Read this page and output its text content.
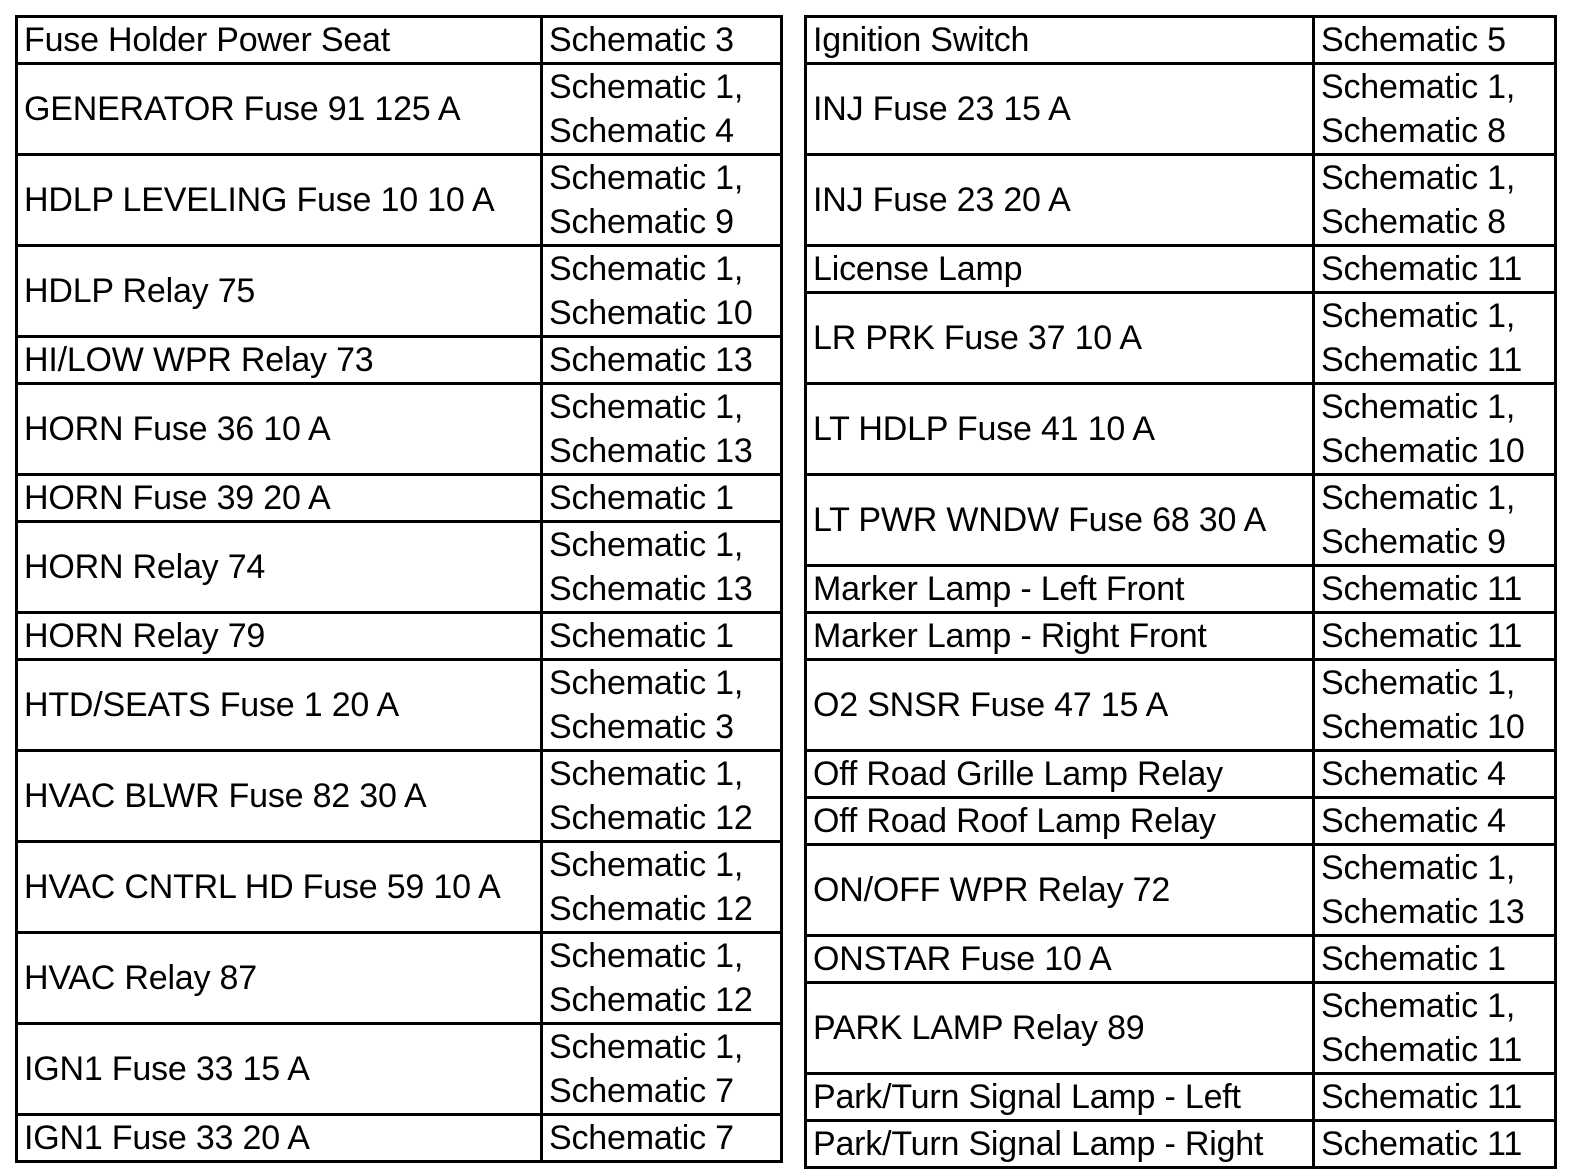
Fuse Holder Power Seat	Schematic 3

GENERATOR Fuse 91 125 A	Schematic 1,
Schematic 4

HDLP LEVELING Fuse 10 10 A	Schematic 1,
Schematic 9

HDLP Relay 75	Schematic 1,
Schematic 10

HI/LOW WPR Relay 73	Schematic 13

HORN Fuse 36 10 A	Schematic 1,
Schematic 13

HORN Fuse 39 20 A	Schematic 1

HORN Relay 74	Schematic 1,
Schematic 13

HORN Relay 79	Schematic 1

HTD/SEATS Fuse 1 20 A	Schematic 1,
Schematic 3

HVAC BLWR Fuse 82 30 A	Schematic 1,
Schematic 12

HVAC CNTRL HD Fuse 59 10 A	Schematic 1,
Schematic 12

HVAC Relay 87	Schematic 1,
Schematic 12

IGN1 Fuse 33 15 A	Schematic 1,
Schematic 7

IGN1 Fuse 33 20 A	Schematic 7
Ignition Switch	Schematic 5

INJ Fuse 23 15 A	Schematic 1,
Schematic 8

INJ Fuse 23 20 A	Schematic 1,
Schematic 8

License Lamp	Schematic 11

LR PRK Fuse 37 10 A	Schematic 1,
Schematic 11

LT HDLP Fuse 41 10 A	Schematic 1,
Schematic 10

LT PWR WNDW Fuse 68 30 A	Schematic 1,
Schematic 9

Marker Lamp - Left Front	Schematic 11

Marker Lamp - Right Front	Schematic 11

O2 SNSR Fuse 47 15 A	Schematic 1,
Schematic 10

Off Road Grille Lamp Relay	Schematic 4

Off Road Roof Lamp Relay	Schematic 4

ON/OFF WPR Relay 72	Schematic 1,
Schematic 13

ONSTAR Fuse 10 A	Schematic 1

PARK LAMP Relay 89	Schematic 1,
Schematic 11

Park/Turn Signal Lamp - Left	Schematic 11

Park/Turn Signal Lamp - Right	Schematic 11
